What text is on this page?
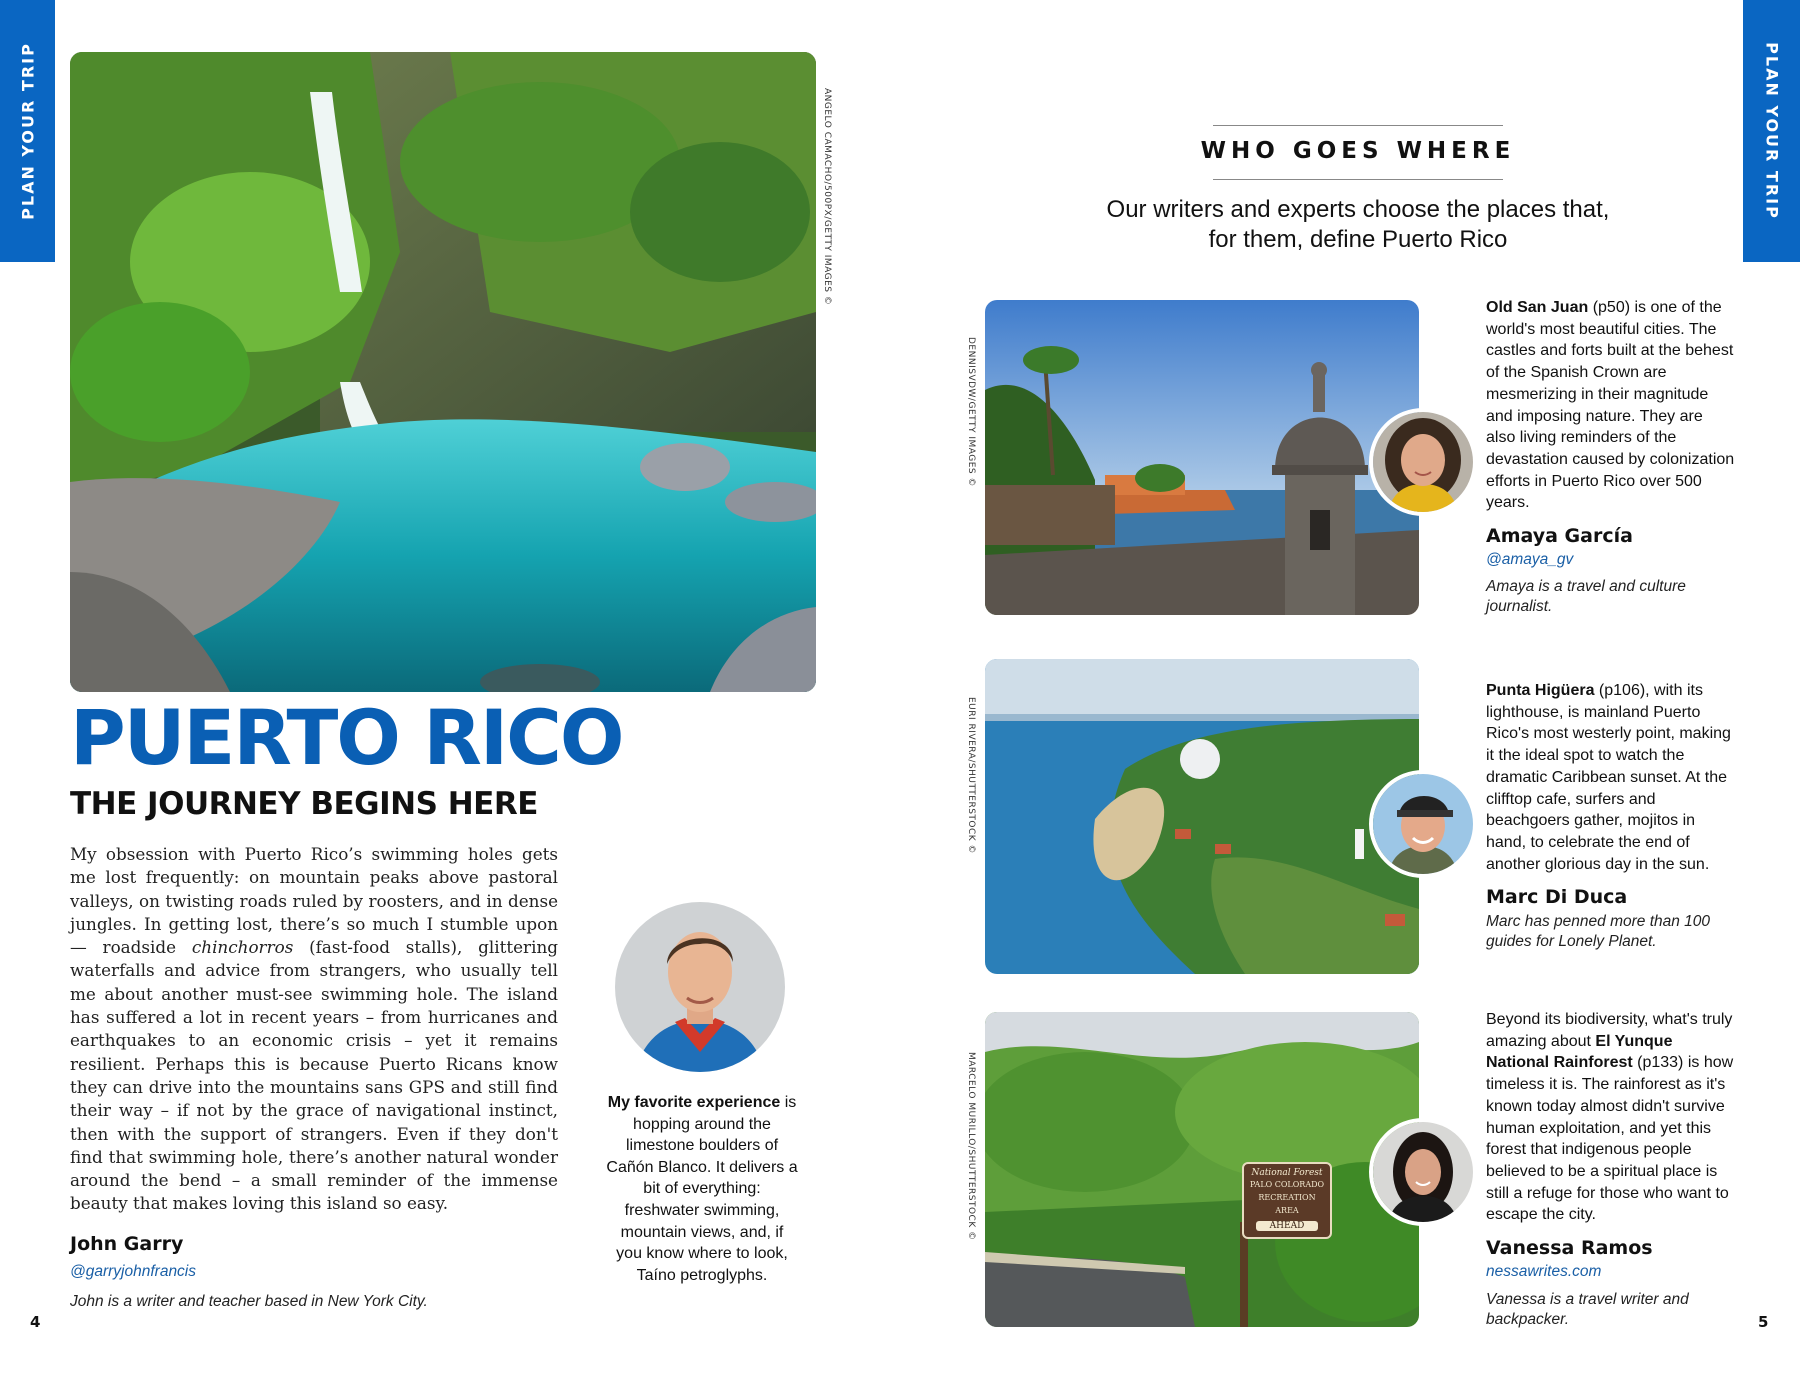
PLAN YOUR TRIP	PLAN YOUR TRIP
ANGELO CAMACHO/500PX/GETTY IMAGES ©
PUERTO RICO
THE JOURNEY BEGINS HERE
My obsession with Puerto Rico’s swimming holes gets me lost frequently: on mountain peaks above pastoral valleys, on twisting roads ruled by roosters, and in dense jungles. In getting lost, there’s so much I stumble upon — roadside chinchorros (fast-food stalls), glittering waterfalls and advice from strangers, who usually tell me about another must-see swimming hole. The island has suffered a lot in recent years – from hurricanes and earthquakes to an economic crisis – yet it remains resilient. Perhaps this is because Puerto Ricans know they can drive into the mountains sans GPS and still find their way – if not by the grace of navigational instinct, then with the support of strangers. Even if they don't find that swimming hole, there’s another natural wonder around the bend – a small reminder of the immense beauty that makes loving this island so easy.
John Garry
@garryjohnfrancis
John is a writer and teacher based in New York City.
My favorite experience is hopping around the limestone boulders of Cañón Blanco. It delivers a bit of everything: freshwater swimming, mountain views, and, if you know where to look, Taíno petroglyphs.
4
WHO GOES WHERE
Our writers and experts choose the places that, for them, define Puerto Rico
DENNISVDW/GETTY IMAGES ©
Old San Juan (p50) is one of the world's most beautiful cities. The castles and forts built at the behest of the Spanish Crown are mesmerizing in their magnitude and imposing nature. They are also living reminders of the devastation caused by colonization efforts in Puerto Rico over 500 years.
Amaya García
@amaya_gv
Amaya is a travel and culture journalist.
EURI RIVERA/SHUTTERSTOCK ©
Punta Higüera (p106), with its lighthouse, is mainland Puerto Rico's most westerly point, making it the ideal spot to watch the dramatic Caribbean sunset. At the clifftop cafe, surfers and beachgoers gather, mojitos in hand, to celebrate the end of another glorious day in the sun.
Marc Di Duca
Marc has penned more than 100 guides for Lonely Planet.
National Forest
PALO COLORADO
RECREATION
AREA
AHEAD
MARCELO MURILLO/SHUTTERSTOCK ©
Beyond its biodiversity, what's truly amazing about El Yunque National Rainforest (p133) is how timeless it is. The rainforest as it's known today almost didn't survive human exploitation, and yet this forest that indigenous people believed to be a spiritual place is still a refuge for those who want to escape the city.
Vanessa Ramos
nessawrites.com
Vanessa is a travel writer and backpacker.	5
